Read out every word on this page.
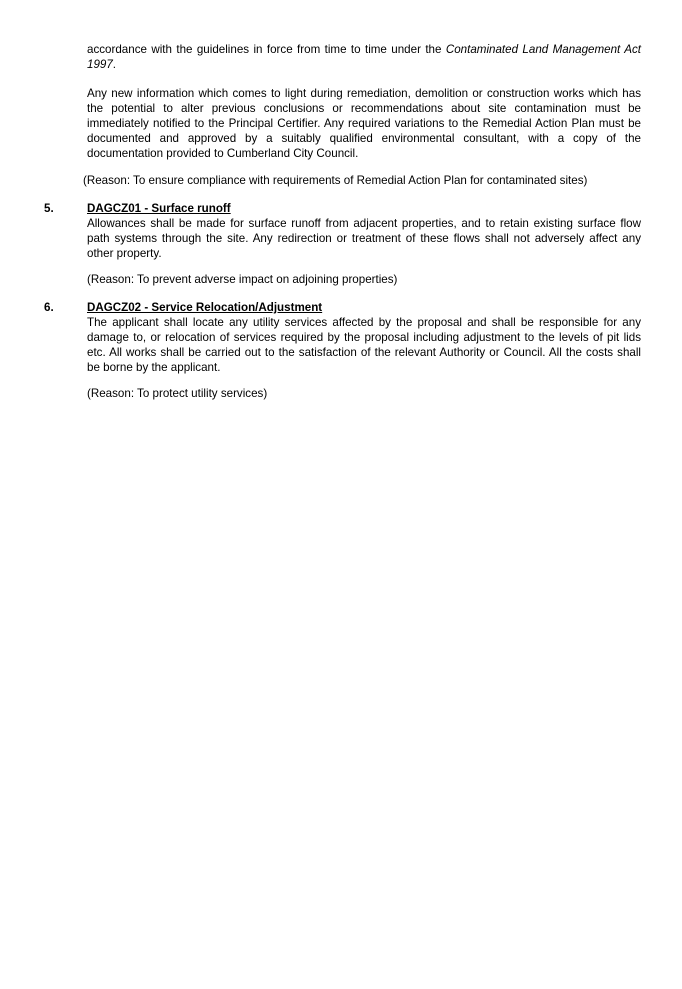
accordance with the guidelines in force from time to time under the Contaminated Land Management Act 1997.

Any new information which comes to light during remediation, demolition or construction works which has the potential to alter previous conclusions or recommendations about site contamination must be immediately notified to the Principal Certifier. Any required variations to the Remedial Action Plan must be documented and approved by a suitably qualified environmental consultant, with a copy of the documentation provided to Cumberland City Council.

(Reason: To ensure compliance with requirements of Remedial Action Plan for contaminated sites)

5.	DAGCZ01 - Surface runoff

Allowances shall be made for surface runoff from adjacent properties, and to retain existing surface flow path systems through the site. Any redirection or treatment of these flows shall not adversely affect any other property.

(Reason: To prevent adverse impact on adjoining properties)

6.	DAGCZ02 - Service Relocation/Adjustment

The applicant shall locate any utility services affected by the proposal and shall be responsible for any damage to, or relocation of services required by the proposal including adjustment to the levels of pit lids etc. All works shall be carried out to the satisfaction of the relevant Authority or Council. All the costs shall be borne by the applicant.

(Reason: To protect utility services)
